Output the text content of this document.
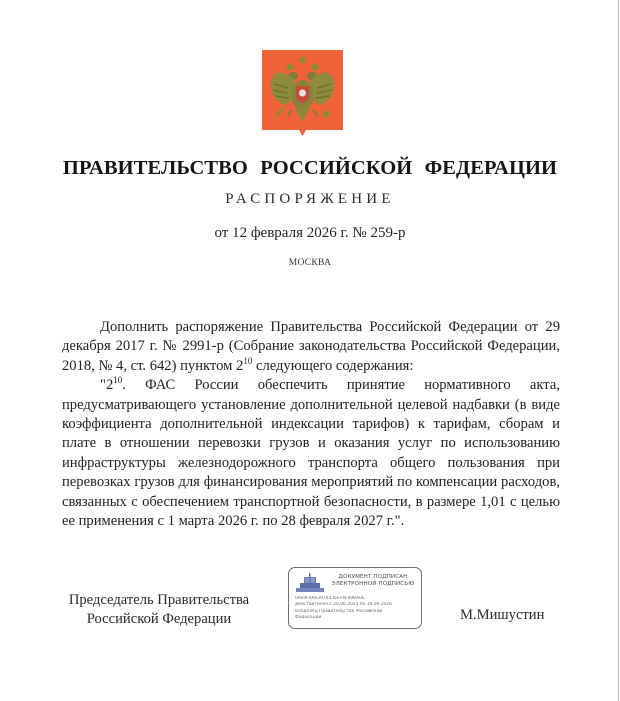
ПРАВИТЕЛЬСТВО РОССИЙСКОЙ ФЕДЕРАЦИИ
РАСПОРЯЖЕНИЕ
от 12 февраля 2026 г. № 259-р
МОСКВА

Дополнить распоряжение Правительства Российской Федерации от 29 декабря 2017 г. № 2991-р (Собрание законодательства Российской Федерации, 2018, № 4, ст. 642) пунктом $2^{10}$ следующего содержания:

"$2^{10}$. ФАС России обеспечить принятие нормативного акта, предусматривающего установление дополнительной целевой надбавки (в виде коэффициента дополнительной индексации тарифов) к тарифам, сборам и плате в отношении перевозки грузов и оказания услуг по использованию инфраструктуры железнодорожного транспорта общего пользования при перевозках грузов для финансирования мероприятий по компенсации расходов, связанных с обеспечением транспортной безопасности, в размере 1,01 с целью ее применения с 1 марта 2026 г. по 28 февраля 2027 г.".

Председатель Правительства
Российской Федерации
ДОКУМЕНТ ПОДПИСАН
ЭЛЕКТРОННОЙ ПОДПИСЬЮ
00E0F4A63970335EF4F99BA0E
Действителен с 26.06.2025 по 19.09.2026
Владелец Правительство Российской
Федерации	М.Мишустин
